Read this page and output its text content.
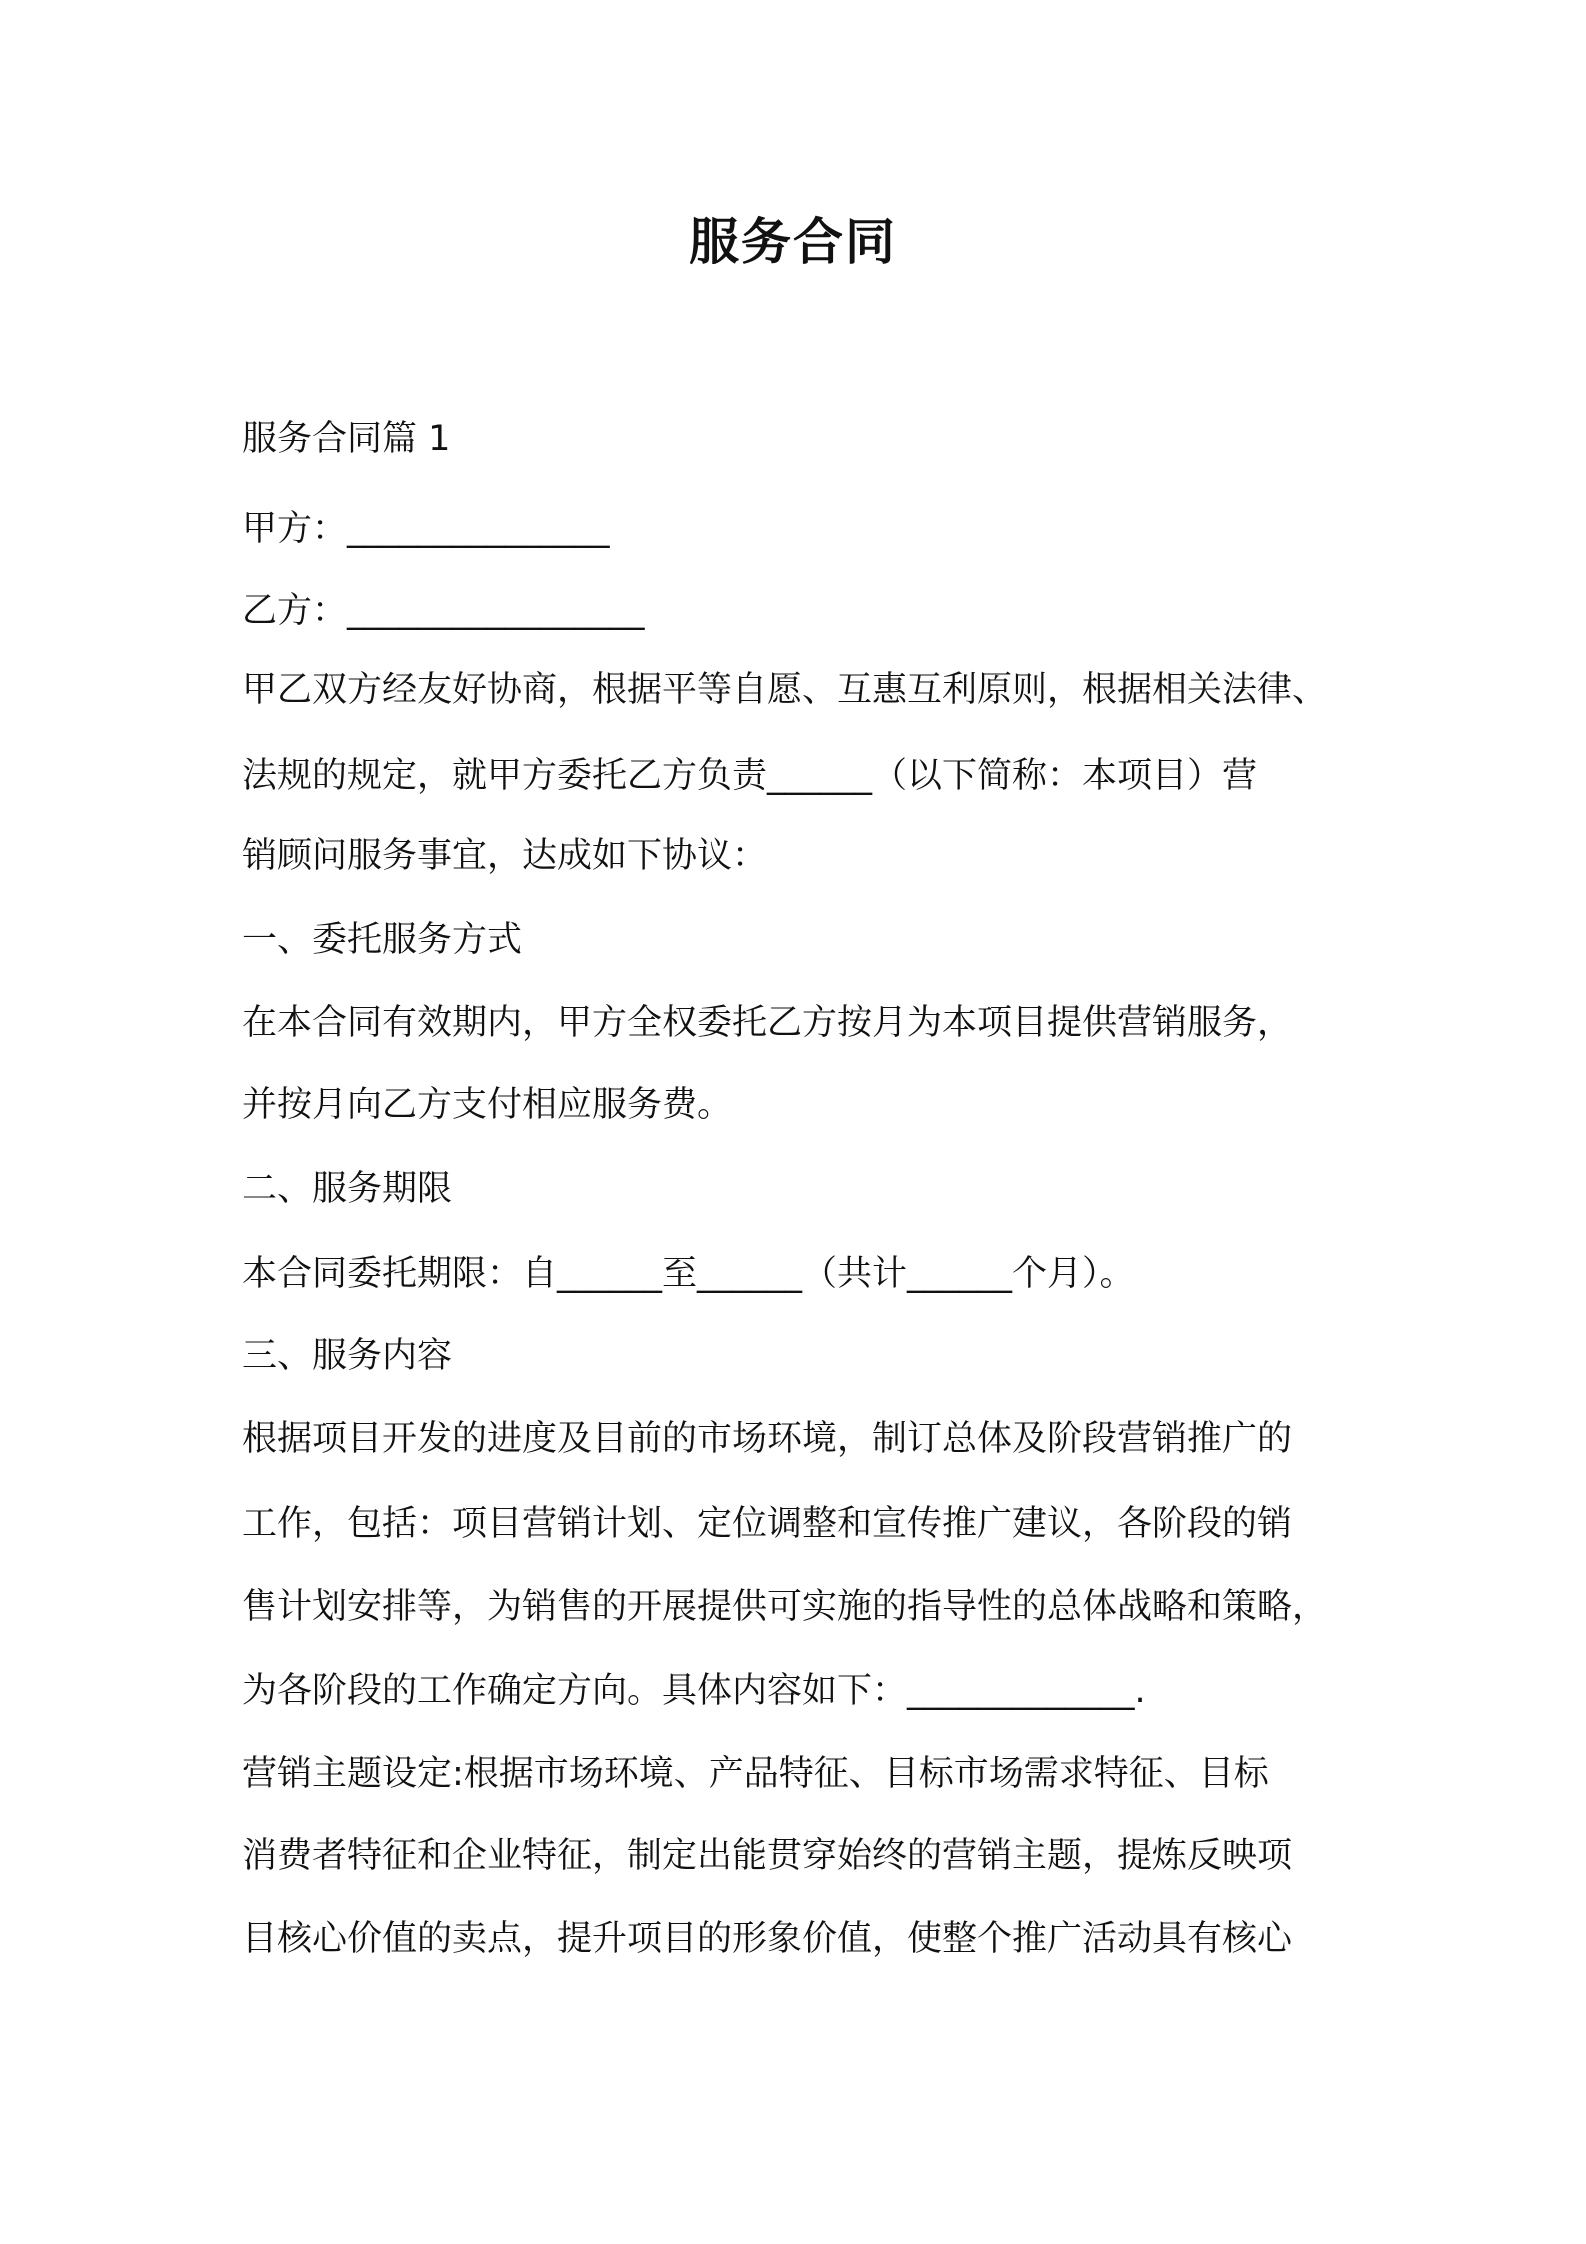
服务合同
服务合同篇 1
甲方：_______________
乙方：_________________
甲乙双方经友好协商，根据平等自愿、互惠互利原则，根据相关法律、
法规的规定，就甲方委托乙方负责______（以下简称：本项目）营
销顾问服务事宜，达成如下协议：
一、委托服务方式
在本合同有效期内，甲方全权委托乙方按月为本项目提供营销服务，
并按月向乙方支付相应服务费。
二、服务期限
本合同委托期限：自______至______（共计______个月）。
三、服务内容
根据项目开发的进度及目前的市场环境，制订总体及阶段营销推广的
工作，包括：项目营销计划、定位调整和宣传推广建议，各阶段的销
售计划安排等，为销售的开展提供可实施的指导性的总体战略和策略，
为各阶段的工作确定方向。具体内容如下：_____________.
营销主题设定:根据市场环境、产品特征、目标市场需求特征、目标
消费者特征和企业特征，制定出能贯穿始终的营销主题，提炼反映项
目核心价值的卖点，提升项目的形象价值，使整个推广活动具有核心
